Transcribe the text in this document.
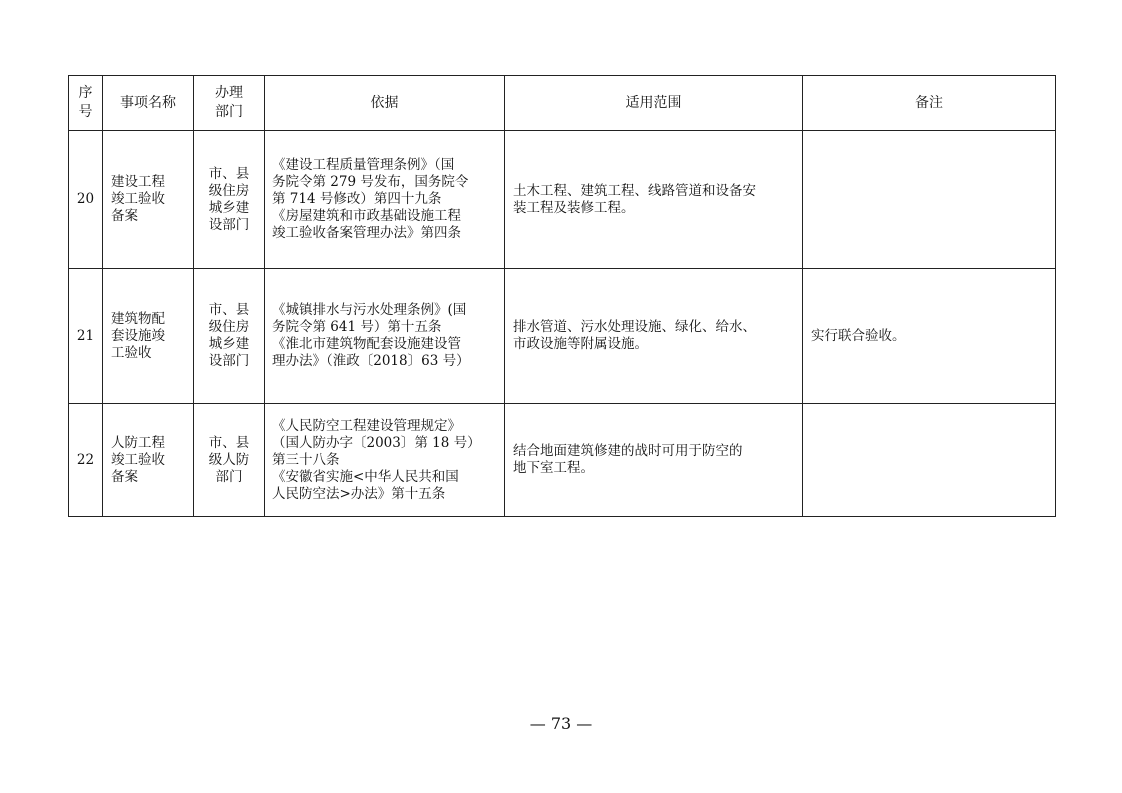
序
号	事项名称	办理
部门	依据	适用范围	备注
20	建设工程
竣工验收
备案	市、县
级住房
城乡建
设部门	《建设工程质量管理条例》（国
务院令第 279 号发布，国务院令
第 714 号修改）第四十九条
《房屋建筑和市政基础设施工程
竣工验收备案管理办法》第四条	土木工程、建筑工程、线路管道和设备安
装工程及装修工程。	
21	建筑物配
套设施竣
工验收	市、县
级住房
城乡建
设部门	《城镇排水与污水处理条例》(国
务院令第 641 号）第十五条
《淮北市建筑物配套设施建设管
理办法》（淮政〔2018〕63 号）	排水管道、污水处理设施、绿化、给水、
市政设施等附属设施。	实行联合验收。
22	人防工程
竣工验收
备案	市、县
级人防
部门	《人民防空工程建设管理规定》
（国人防办字〔2003〕第 18 号）
第三十八条
《安徽省实施<中华人民共和国
人民防空法>办法》第十五条	结合地面建筑修建的战时可用于防空的
地下室工程。	
— 73 —
